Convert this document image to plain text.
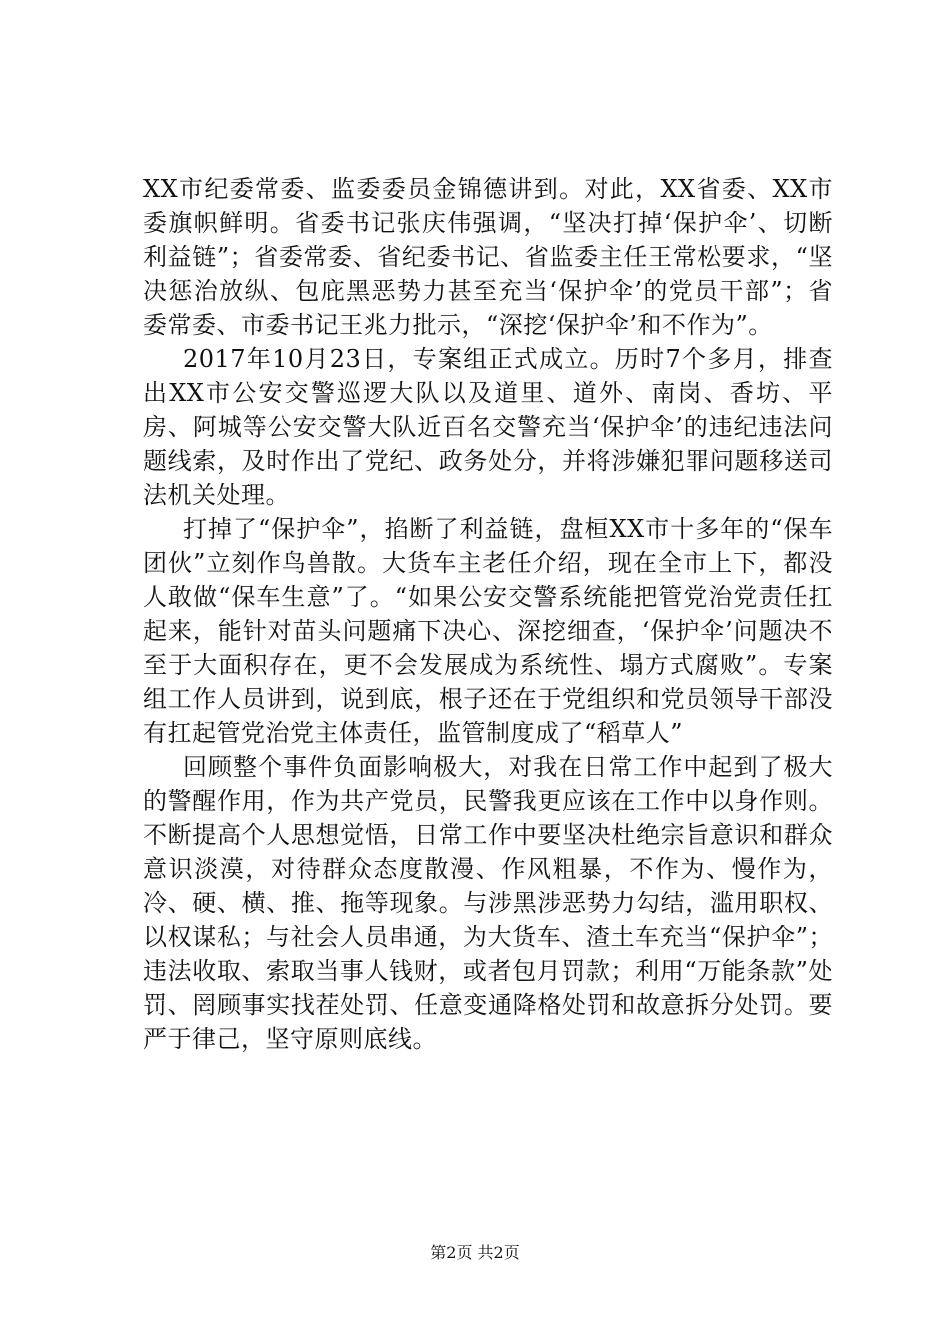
XX市纪委常委、监委委员金锦德讲到。对此，XX省委、XX市委旗帜鲜明。省委书记张庆伟强调，“坚决打掉‘保护伞’、切断利益链”；省委常委、省纪委书记、省监委主任王常松要求，“坚决惩治放纵、包庇黑恶势力甚至充当‘保护伞’的党员干部”；省委常委、市委书记王兆力批示，“深挖‘保护伞’和不作为”。

2017年10月23日，专案组正式成立。历时7个多月，排查出XX市公安交警巡逻大队以及道里、道外、南岗、香坊、平房、阿城等公安交警大队近百名交警充当‘保护伞’的违纪违法问题线索，及时作出了党纪、政务处分，并将涉嫌犯罪问题移送司法机关处理。

打掉了“保护伞”，掐断了利益链，盘桓XX市十多年的“保车团伙”立刻作鸟兽散。大货车主老任介绍，现在全市上下，都没人敢做“保车生意”了。“如果公安交警系统能把管党治党责任扛起来，能针对苗头问题痛下决心、深挖细查，‘保护伞’问题决不至于大面积存在，更不会发展成为系统性、塌方式腐败”。专案组工作人员讲到，说到底，根子还在于党组织和党员领导干部没有扛起管党治党主体责任，监管制度成了“稻草人”

回顾整个事件负面影响极大，对我在日常工作中起到了极大的警醒作用，作为共产党员，民警我更应该在工作中以身作则。不断提高个人思想觉悟，日常工作中要坚决杜绝宗旨意识和群众意识淡漠，对待群众态度散漫、作风粗暴，不作为、慢作为，冷、硬、横、推、拖等现象。与涉黑涉恶势力勾结，滥用职权、以权谋私；与社会人员串通，为大货车、渣土车充当“保护伞”；违法收取、索取当事人钱财，或者包月罚款；利用“万能条款”处罚、罔顾事实找茬处罚、任意变通降格处罚和故意拆分处罚。要严于律己，坚守原则底线。

第2页 共2页
